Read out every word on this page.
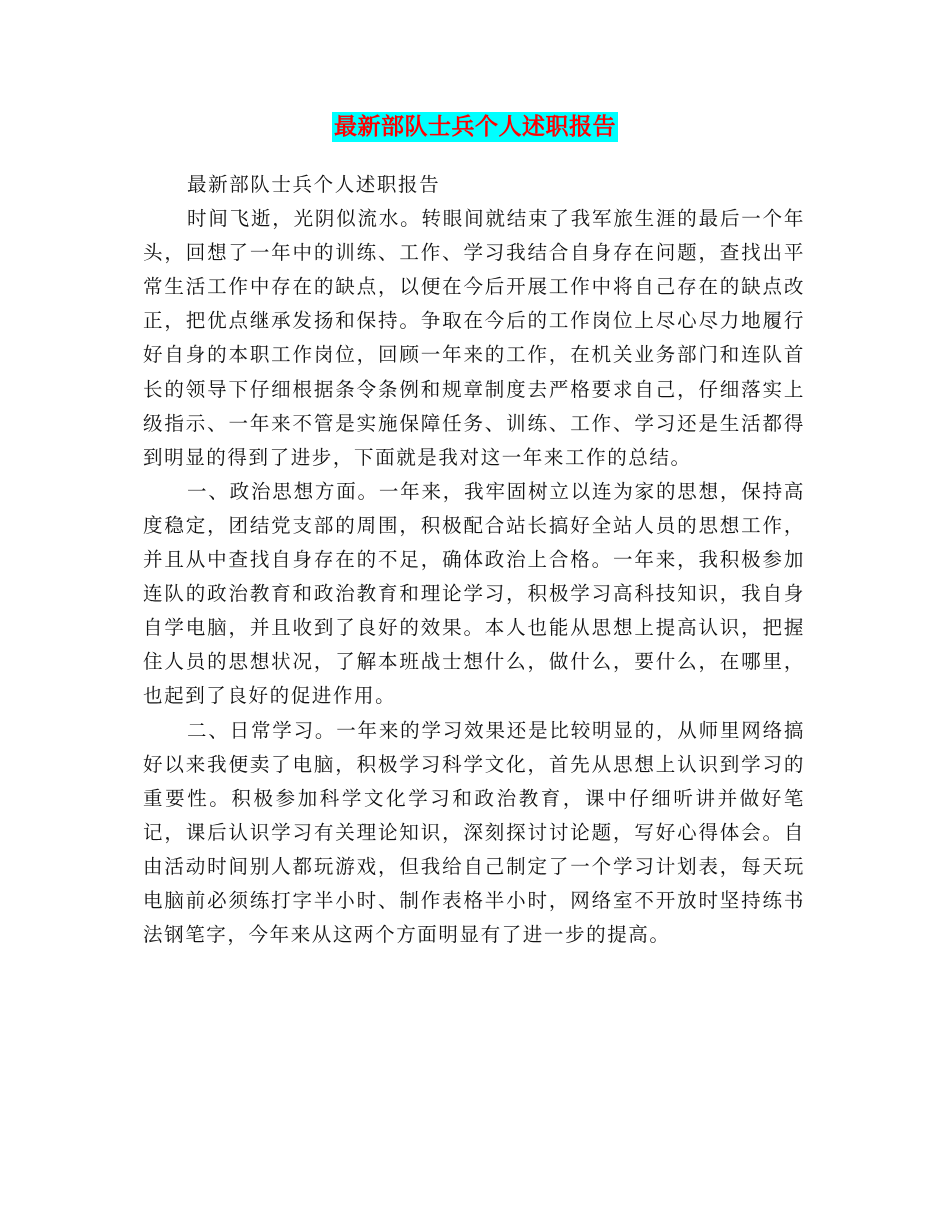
最新部队士兵个人述职报告

最新部队士兵个人述职报告

时间飞逝，光阴似流水。转眼间就结束了我军旅生涯的最后一个年头，回想了一年中的训练、工作、学习我结合自身存在问题，查找出平常生活工作中存在的缺点，以便在今后开展工作中将自己存在的缺点改正，把优点继承发扬和保持。争取在今后的工作岗位上尽心尽力地履行好自身的本职工作岗位，回顾一年来的工作，在机关业务部门和连队首长的领导下仔细根据条令条例和规章制度去严格要求自己，仔细落实上级指示、一年来不管是实施保障任务、训练、工作、学习还是生活都得到明显的得到了进步，下面就是我对这一年来工作的总结。

一、政治思想方面。一年来，我牢固树立以连为家的思想，保持高度稳定，团结党支部的周围，积极配合站长搞好全站人员的思想工作，并且从中查找自身存在的不足，确体政治上合格。一年来，我积极参加连队的政治教育和政治教育和理论学习，积极学习高科技知识，我自身自学电脑，并且收到了良好的效果。本人也能从思想上提高认识，把握住人员的思想状况，了解本班战士想什么，做什么，要什么，在哪里，也起到了良好的促进作用。

二、日常学习。一年来的学习效果还是比较明显的，从师里网络搞好以来我便卖了电脑，积极学习科学文化，首先从思想上认识到学习的重要性。积极参加科学文化学习和政治教育，课中仔细听讲并做好笔记，课后认识学习有关理论知识，深刻探讨讨论题，写好心得体会。自由活动时间别人都玩游戏，但我给自己制定了一个学习计划表，每天玩电脑前必须练打字半小时、制作表格半小时，网络室不开放时坚持练书法钢笔字，今年来从这两个方面明显有了进一步的提高。
